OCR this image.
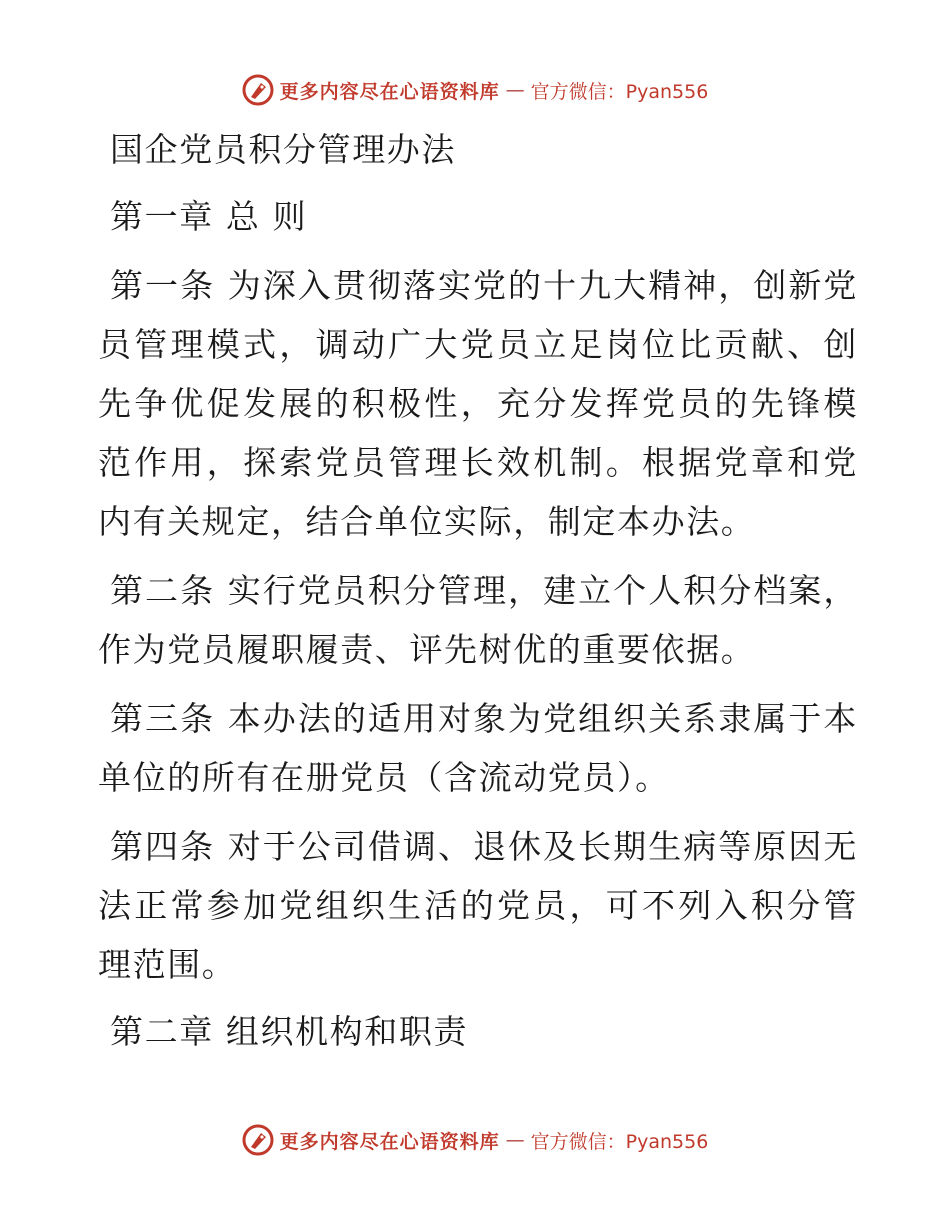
更多内容尽在心语资料库 — 官方微信：Pyan556

国企党员积分管理办法

第一章 总 则

第一条 为深入贯彻落实党的十九大精神，创新党员管理模式，调动广大党员立足岗位比贡献、创先争优促发展的积极性，充分发挥党员的先锋模范作用，探索党员管理长效机制。根据党章和党内有关规定，结合单位实际，制定本办法。

第二条 实行党员积分管理，建立个人积分档案，作为党员履职履责、评先树优的重要依据。

第三条 本办法的适用对象为党组织关系隶属于本单位的所有在册党员（含流动党员）。

第四条 对于公司借调、退休及长期生病等原因无法正常参加党组织生活的党员，可不列入积分管理范围。

第二章 组织机构和职责

更多内容尽在心语资料库 — 官方微信：Pyan556
